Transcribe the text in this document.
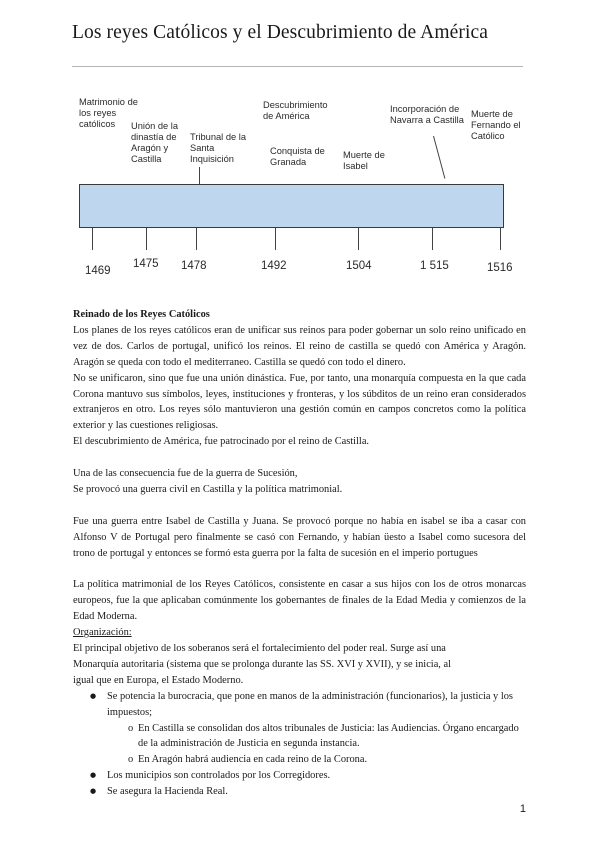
Los reyes Católicos y el Descubrimiento de América
Matrimonio de los reyes católicos	Unión de la dinastía de Aragón y Castilla
Tribunal de la Santa Inquisición
Descubrimiento de América
Conquista de Granada
Muerte de Isabel
Incorporación de Navarra a Castilla
Muerte de Fernando el Católico
1469
1475 1478	1492	1504	1 515	1516

Reinado de los Reyes Católicos

Los planes de los reyes católicos eran de unificar sus reinos para poder gobernar un solo reino unificado en vez de dos. Carlos de portugal, unificó los reinos. El reino de castilla se quedó con América y Aragón. Aragón se queda con todo el mediterraneo. Castilla se quedó con todo el dinero.

No se unificaron, sino que fue una unión dinástica. Fue, por tanto, una monarquía compuesta en la que cada Corona mantuvo sus símbolos, leyes, instituciones y fronteras, y los súbditos de un reino eran considerados extranjeros en otro. Los reyes sólo mantuvieron una gestión común en campos concretos como la política exterior y las cuestiones religiosas.

El descubrimiento de América, fue patrocinado por el reino de Castilla.

Una de las consecuencia fue de la guerra de Sucesión,

Se provocó una guerra civil en Castilla y la política matrimonial.

Fue una guerra entre Isabel de Castilla y Juana. Se provocó porque no había en isabel se iba a casar con Alfonso V de Portugal pero finalmente se casó con Fernando, y habían üesto a Isabel como sucesora del trono de portugal y entonces se formó esta guerra por la falta de sucesión en el imperio portugues

La política matrimonial de los Reyes Católicos, consistente en casar a sus hijos con los de otros monarcas europeos, fue la que aplicaban comúnmente los gobernantes de finales de la Edad Media y comienzos de la Edad Moderna.

Organización:

El principal objetivo de los soberanos será el fortalecimiento del poder real. Surge así una

Monarquía autoritaria (sistema que se prolonga durante las SS. XVI y XVII), y se inicia, al

igual que en Europa, el Estado Moderno.

● Se potencia la burocracia, que pone en manos de la administración (funcionarios), la justicia y los impuestos;
o En Castilla se consolidan dos altos tribunales de Justicia: las Audiencias. Órgano encargado de la administración de Justicia en segunda instancia.
o En Aragón habrá audiencia en cada reino de la Corona.
● Los municipios son controlados por los Corregidores.
● Se asegura la Hacienda Real.
1
